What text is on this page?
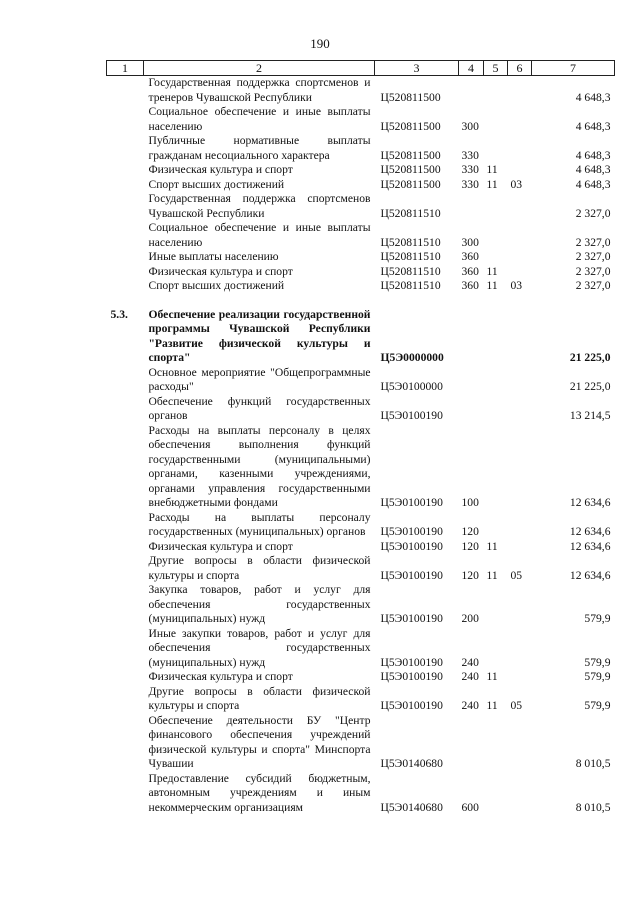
190
1	2	3	4	5	6	7
	Государственная поддержка спортсменов и тренеров Чувашской Республики	Ц520811500				4 648,3
	Социальное обеспечение и иные выплаты населению	Ц520811500	300			4 648,3
	Публичные нормативные выплаты гражданам несоциального характера	Ц520811500	330			4 648,3
	Физическая культура и спорт	Ц520811500	330	11		4 648,3
	Спорт высших достижений	Ц520811500	330	11	03	4 648,3
	Государственная поддержка спортсменов Чувашской Республики	Ц520811510				2 327,0
	Социальное обеспечение и иные выплаты населению	Ц520811510	300			2 327,0
	Иные выплаты населению	Ц520811510	360			2 327,0
	Физическая культура и спорт	Ц520811510	360	11		2 327,0
	Спорт высших достижений	Ц520811510	360	11	03	2 327,0

5.3.	Обеспечение реализации государственной программы Чувашской Республики "Развитие физической культуры и спорта"	Ц5Э0000000				21 225,0
	Основное мероприятие "Общепрограммные расходы"	Ц5Э0100000				21 225,0
	Обеспечение функций государственных органов	Ц5Э0100190				13 214,5
	Расходы на выплаты персоналу в целях обеспечения выполнения функций государственными (муниципальными) органами, казенными учреждениями, органами управления государственными внебюджетными фондами	Ц5Э0100190	100			12 634,6
	Расходы на выплаты персоналу государственных (муниципальных) органов	Ц5Э0100190	120			12 634,6
	Физическая культура и спорт	Ц5Э0100190	120	11		12 634,6
	Другие вопросы в области физической культуры и спорта	Ц5Э0100190	120	11	05	12 634,6
	Закупка товаров, работ и услуг для обеспечения государственных (муниципальных) нужд	Ц5Э0100190	200			579,9
	Иные закупки товаров, работ и услуг для обеспечения государственных (муниципальных) нужд	Ц5Э0100190	240			579,9
	Физическая культура и спорт	Ц5Э0100190	240	11		579,9
	Другие вопросы в области физической культуры и спорта	Ц5Э0100190	240	11	05	579,9
	Обеспечение деятельности БУ "Центр финансового обеспечения учреждений физической культуры и спорта" Минспорта Чувашии	Ц5Э0140680				8 010,5
	Предоставление субсидий бюджетным, автономным учреждениям и иным некоммерческим организациям	Ц5Э0140680	600			8 010,5
